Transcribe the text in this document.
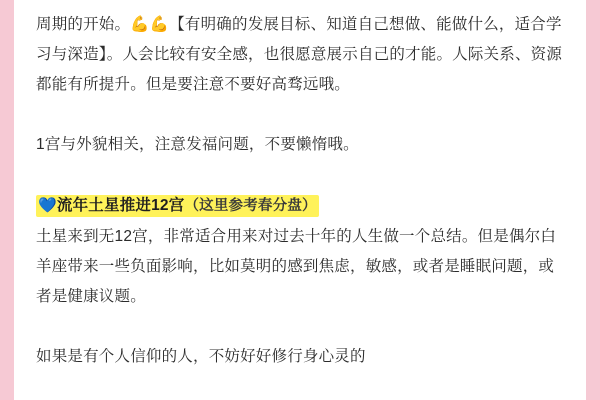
周期的开始。💪💪【有明确的发展目标、知道自己想做、能做什么，适合学习与深造】。人会比较有安全感，也很愿意展示自己的才能。人际关系、资源都能有所提升。但是要注意不要好高骛远哦。

1宫与外貌相关，注意发福问题，不要懒惰哦。

💙流年土星推进12宫（这里参考春分盘）

土星来到无12宫，非常适合用来对过去十年的人生做一个总结。但是偶尔白羊座带来一些负面影响，比如莫明的感到焦虑，敏感，或者是睡眠问题，或者是健康议题。

如果是有个人信仰的人，不妨好好修行身心灵的
